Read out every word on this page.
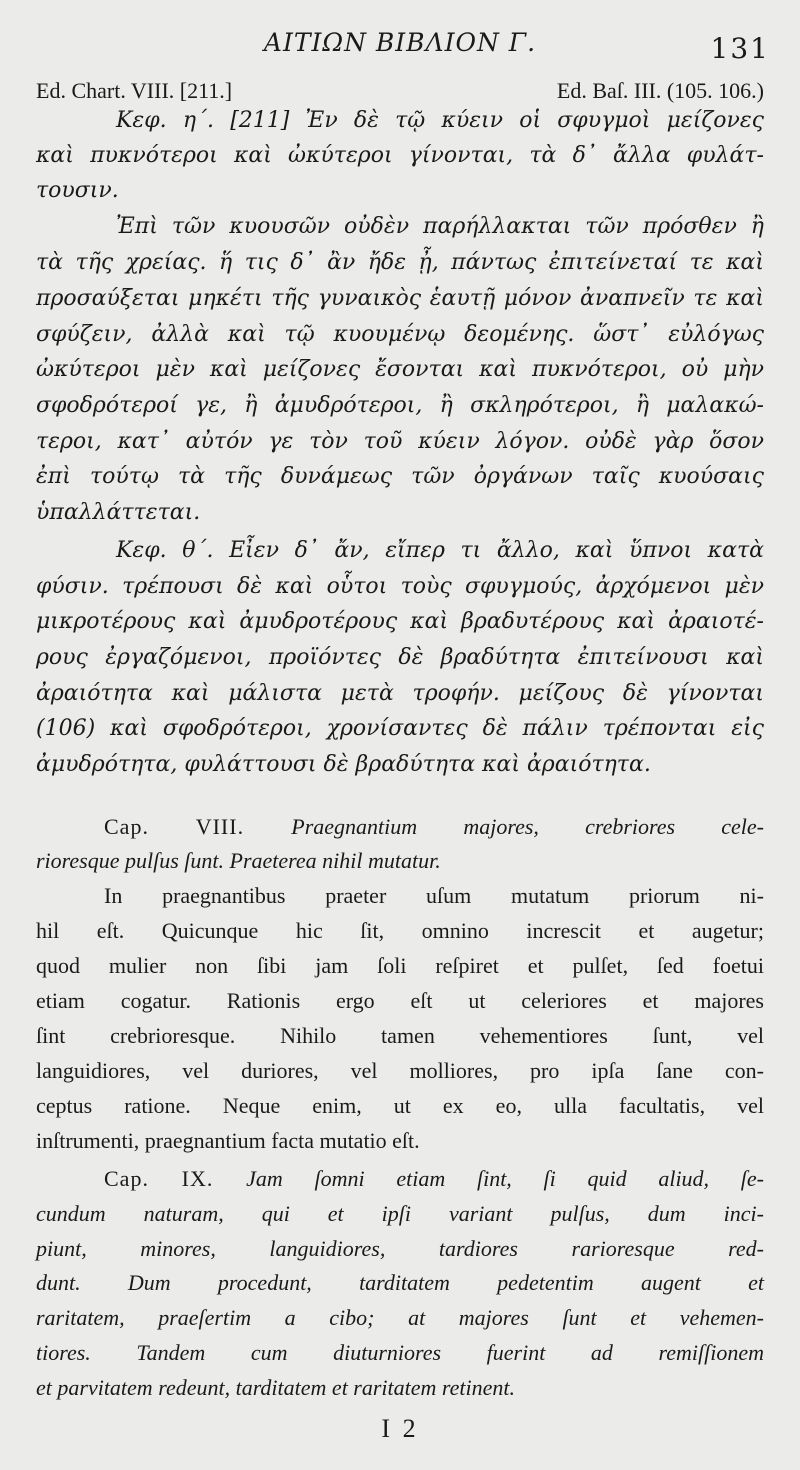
ΑΙΤΙΩΝ ΒΙΒΛΙΟΝ Γ.	131
Ed. Chart. VIII. [211.]	Ed. Baſ. III. (105. 106.)
Κεφ. η΄. [211] Ἐν δὲ τῷ κύειν οἱ σφυγμοὶ μείζονες
καὶ πυκνότεροι καὶ ὠκύτεροι γίνονται, τὰ δ᾽ ἄλλα φυλάτ-
τουσιν.
Ἐπὶ τῶν κυουσῶν οὐδὲν παρήλλακται τῶν πρόσθεν ἢ
τὰ τῆς χρείας. ἥ τις δ᾽ ἂν ἤδε ᾖ, πάντως ἐπιτείνεταί τε καὶ
προσαύξεται μηκέτι τῆς γυναικὸς ἑαυτῇ μόνον ἀναπνεῖν τε καὶ
σφύζειν, ἀλλὰ καὶ τῷ κυουμένῳ δεομένης. ὥστ᾽ εὐλόγως
ὠκύτεροι μὲν καὶ μείζονες ἔσονται καὶ πυκνότεροι, οὐ μὴν
σφοδρότεροί γε, ἢ ἀμυδρότεροι, ἢ σκληρότεροι, ἢ μαλακώ-
τεροι, κατ᾽ αὐτόν γε τὸν τοῦ κύειν λόγον. οὐδὲ γὰρ ὅσον
ἐπὶ τούτῳ τὰ τῆς δυνάμεως τῶν ὀργάνων ταῖς κυούσαις
ὑπαλλάττεται.
Κεφ. θ΄. Εἶεν δ᾽ ἄν, εἴπερ τι ἄλλο, καὶ ὕπνοι κατὰ
φύσιν. τρέπουσι δὲ καὶ οὗτοι τοὺς σφυγμούς, ἀρχόμενοι μὲν
μικροτέρους καὶ ἀμυδροτέρους καὶ βραδυτέρους καὶ ἀραιοτέ-
ρους ἐργαζόμενοι, προϊόντες δὲ βραδύτητα ἐπιτείνουσι καὶ
ἀραιότητα καὶ μάλιστα μετὰ τροφήν. μείζους δὲ γίνονται
(106) καὶ σφοδρότεροι, χρονίσαντες δὲ πάλιν τρέπονται εἰς
ἀμυδρότητα, φυλάττουσι δὲ βραδύτητα καὶ ἀραιότητα.
Cap. VIII. Praegnantium majores, crebriores cele-
rioresque pulſus ſunt. Praeterea nihil mutatur.
In praegnantibus praeter uſum mutatum priorum ni-
hil eſt. Quicunque hic ſit, omnino increscit et augetur;
quod mulier non ſibi jam ſoli reſpiret et pulſet, ſed foetui
etiam cogatur. Rationis ergo eſt ut celeriores et majores
ſint crebrioresque. Nihilo tamen vehementiores ſunt, vel
languidiores, vel duriores, vel molliores, pro ipſa ſane con-
ceptus ratione. Neque enim, ut ex eo, ulla facultatis, vel
inſtrumenti, praegnantium facta mutatio eſt.
Cap. IX. Jam ſomni etiam ſint, ſi quid aliud, ſe-
cundum naturam, qui et ipſi variant pulſus, dum inci-
piunt, minores, languidiores, tardiores rarioresque red-
dunt. Dum procedunt, tarditatem pedetentim augent et
raritatem, praeſertim a cibo; at majores ſunt et vehemen-
tiores. Tandem cum diuturniores fuerint ad remiſſionem
et parvitatem redeunt, tarditatem et raritatem retinent.
I 2
